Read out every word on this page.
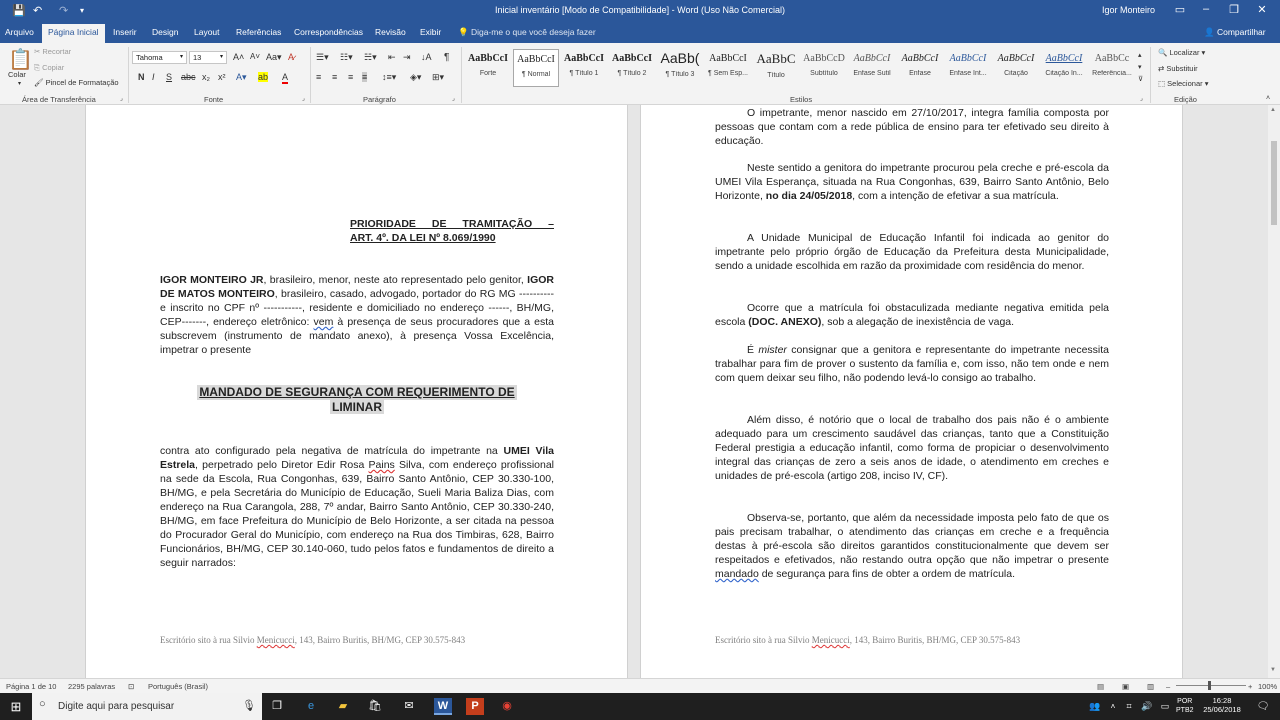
💾 ↶ ↷ ▾	Inicial inventário [Modo de Compatibilidade] - Word (Uso Não Comercial)	Igor Monteiro	▭	–	❐	✕
Arquivo	Página Inicial	Inserir Design Layout Referências Correspondências Revisão Exibir 💡 Diga-me o que você deseja fazer	👤 Compartilhar
📋
Colar
▾
✂ Recortar
⎘ Copiar
🖌 Pincel de Formatação
Área de Transferência	⌟
Tahoma	▾	13	▾ A˄ A˅ Aa▾ A̷
N I S abc x₂ x² A▾ ab A
Fonte	⌟
☰▾ ☷▾ ☵▾ ⇤ ⇥ ↓A ¶
≡ ≡ ≡ ≡ ↕≡▾ ◈▾ ⊞▾
Parágrafo	⌟
AaBbCcI
Forte
AaBbCcI
¶ Normal
AaBbCcI
¶ Título 1
AaBbCcI
¶ Título 2
AaBb(
¶ Título 3
AaBbCcI
¶ Sem Esp...
AaBbC
Título
AaBbCcD
Subtítulo
AaBbCcI
Ênfase Sutil
AaBbCcI
Ênfase
AaBbCcI
Ênfase Int...
AaBbCcI
Citação
AaBbCcI
Citação In...
AaBbCc
Referência...
▴
▾
⊽
Estilos	⌟
🔍 Localizar ▾
⇄ Substituir
⬚ Selecionar ▾
Edição	˄
PRIORIDADE DE TRAMITAÇÃO –
ART. 4º. DA LEI Nº 8.069/1990
IGOR MONTEIRO JR, brasileiro, menor, neste ato representado pelo genitor, IGOR DE MATOS MONTEIRO, brasileiro, casado, advogado, portador do RG MG ---------- e inscrito no CPF nº -----------, residente e domiciliado no endereço ------, BH/MG, CEP-------, endereço eletrônico: vem à presença de seus procuradores que a esta subscrevem (instrumento de mandato anexo), à presença Vossa Excelência, impetrar o presente
MANDADO DE SEGURANÇA COM REQUERIMENTO DE
LIMINAR
contra ato configurado pela negativa de matrícula do impetrante na UMEI Vila Estrela, perpetrado pelo Diretor Edir Rosa Pains Silva, com endereço profissional na sede da Escola, Rua Congonhas, 639, Bairro Santo Antônio, CEP 30.330-100, BH/MG, e pela Secretária do Município de Educação, Sueli Maria Baliza Dias, com endereço na Rua Carangola, 288, 7º andar, Bairro Santo Antônio, CEP 30.330-240, BH/MG, em face Prefeitura do Município de Belo Horizonte, a ser citada na pessoa do Procurador Geral do Município, com endereço na Rua dos Timbiras, 628, Bairro Funcionários, BH/MG, CEP 30.140-060, tudo pelos fatos e fundamentos de direito a seguir narrados:
Escritório sito à rua Silvio Menicucci, 143, Bairro Buritis, BH/MG, CEP 30.575-843
O impetrante, menor nascido em 27/10/2017, integra família composta por pessoas que contam com a rede pública de ensino para ter efetivado seu direito à educação.
Neste sentido a genitora do impetrante procurou pela creche e pré-escola da UMEI Vila Esperança, situada na Rua Congonhas, 639, Bairro Santo Antônio, Belo Horizonte, no dia 24/05/2018, com a intenção de efetivar a sua matrícula.
A Unidade Municipal de Educação Infantil foi indicada ao genitor do impetrante pelo próprio órgão de Educação da Prefeitura desta Municipalidade, sendo a unidade escolhida em razão da proximidade com residência do menor.
Ocorre que a matrícula foi obstaculizada mediante negativa emitida pela escola (DOC. ANEXO), sob a alegação de inexistência de vaga.
É mister consignar que a genitora e representante do impetrante necessita trabalhar para fim de prover o sustento da família e, com isso, não tem onde e nem com quem deixar seu filho, não podendo levá-lo consigo ao trabalho.
Além disso, é notório que o local de trabalho dos pais não é o ambiente adequado para um crescimento saudável das crianças, tanto que a Constituição Federal prestigia a educação infantil, como forma de propiciar o desenvolvimento integral das crianças de zero a seis anos de idade, o atendimento em creches e unidades de pré-escola (artigo 208, inciso IV, CF).
Observa-se, portanto, que além da necessidade imposta pelo fato de que os pais precisam trabalhar, o atendimento das crianças em creche e a frequência destas à pré-escola são direitos garantidos constitucionalmente que devem ser respeitados e efetivados, não restando outra opção que não impetrar o presente mandado de segurança para fins de obter a ordem de matrícula.
Escritório sito à rua Silvio Menicucci, 143, Bairro Buritis, BH/MG, CEP 30.575-843
▲
▼
Página 1 de 10 2295 palavras ⊡ Português (Brasil)	▤ ▣ ▥ –	+ 100%
⊞	○ Digite aqui para pesquisar	🎙	❐	e	▰	🛍	✉	W	P	◉	👥	˄	⌗	🔊 ▭	POR
PTB2
16:28
25/06/2018	🗨
